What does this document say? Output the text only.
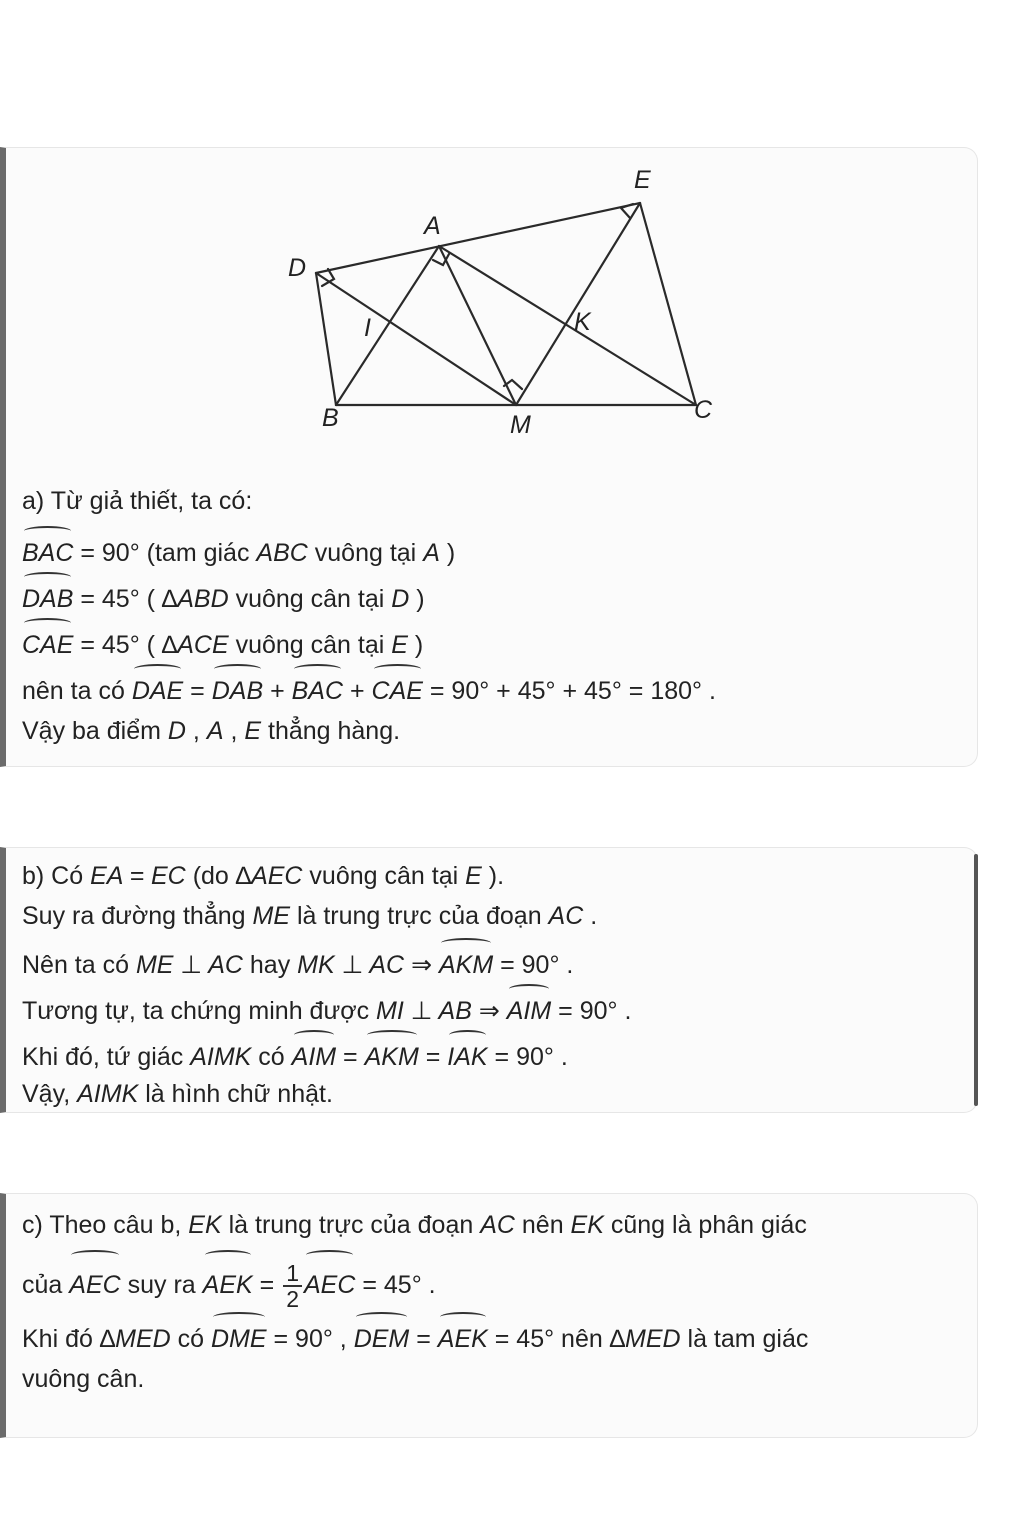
E
A
D
I	K
B	M
C
a) Từ giả thiết, ta có:
BAC = 90° (tam giác ABC vuông tại A )
DAB = 45° ( ∆ABD vuông cân tại D )
CAE = 45° ( ∆ACE vuông cân tại E )
nên ta có DAE = DAB + BAC + CAE = 90° + 45° + 45° = 180° .
Vậy ba điểm D , A , E thẳng hàng.
b) Có EA = EC (do ∆AEC vuông cân tại E ).
Suy ra đường thẳng ME là trung trực của đoạn AC .
Nên ta có ME ⊥ AC hay MK ⊥ AC ⇒ AKM = 90° .
Tương tự, ta chứng minh được MI ⊥ AB ⇒ AIM = 90° .
Khi đó, tứ giác AIMK có AIM = AKM = IAK = 90° .
Vậy, AIMK là hình chữ nhật.
c) Theo câu b, EK là trung trực của đoạn AC nên EK cũng là phân giác
của AEC suy ra AEK = $\frac{1}{2}$ AEC = 45° .
Khi đó ∆MED có DME = 90° , DEM = AEK = 45° nên ∆MED là tam giác
vuông cân.
